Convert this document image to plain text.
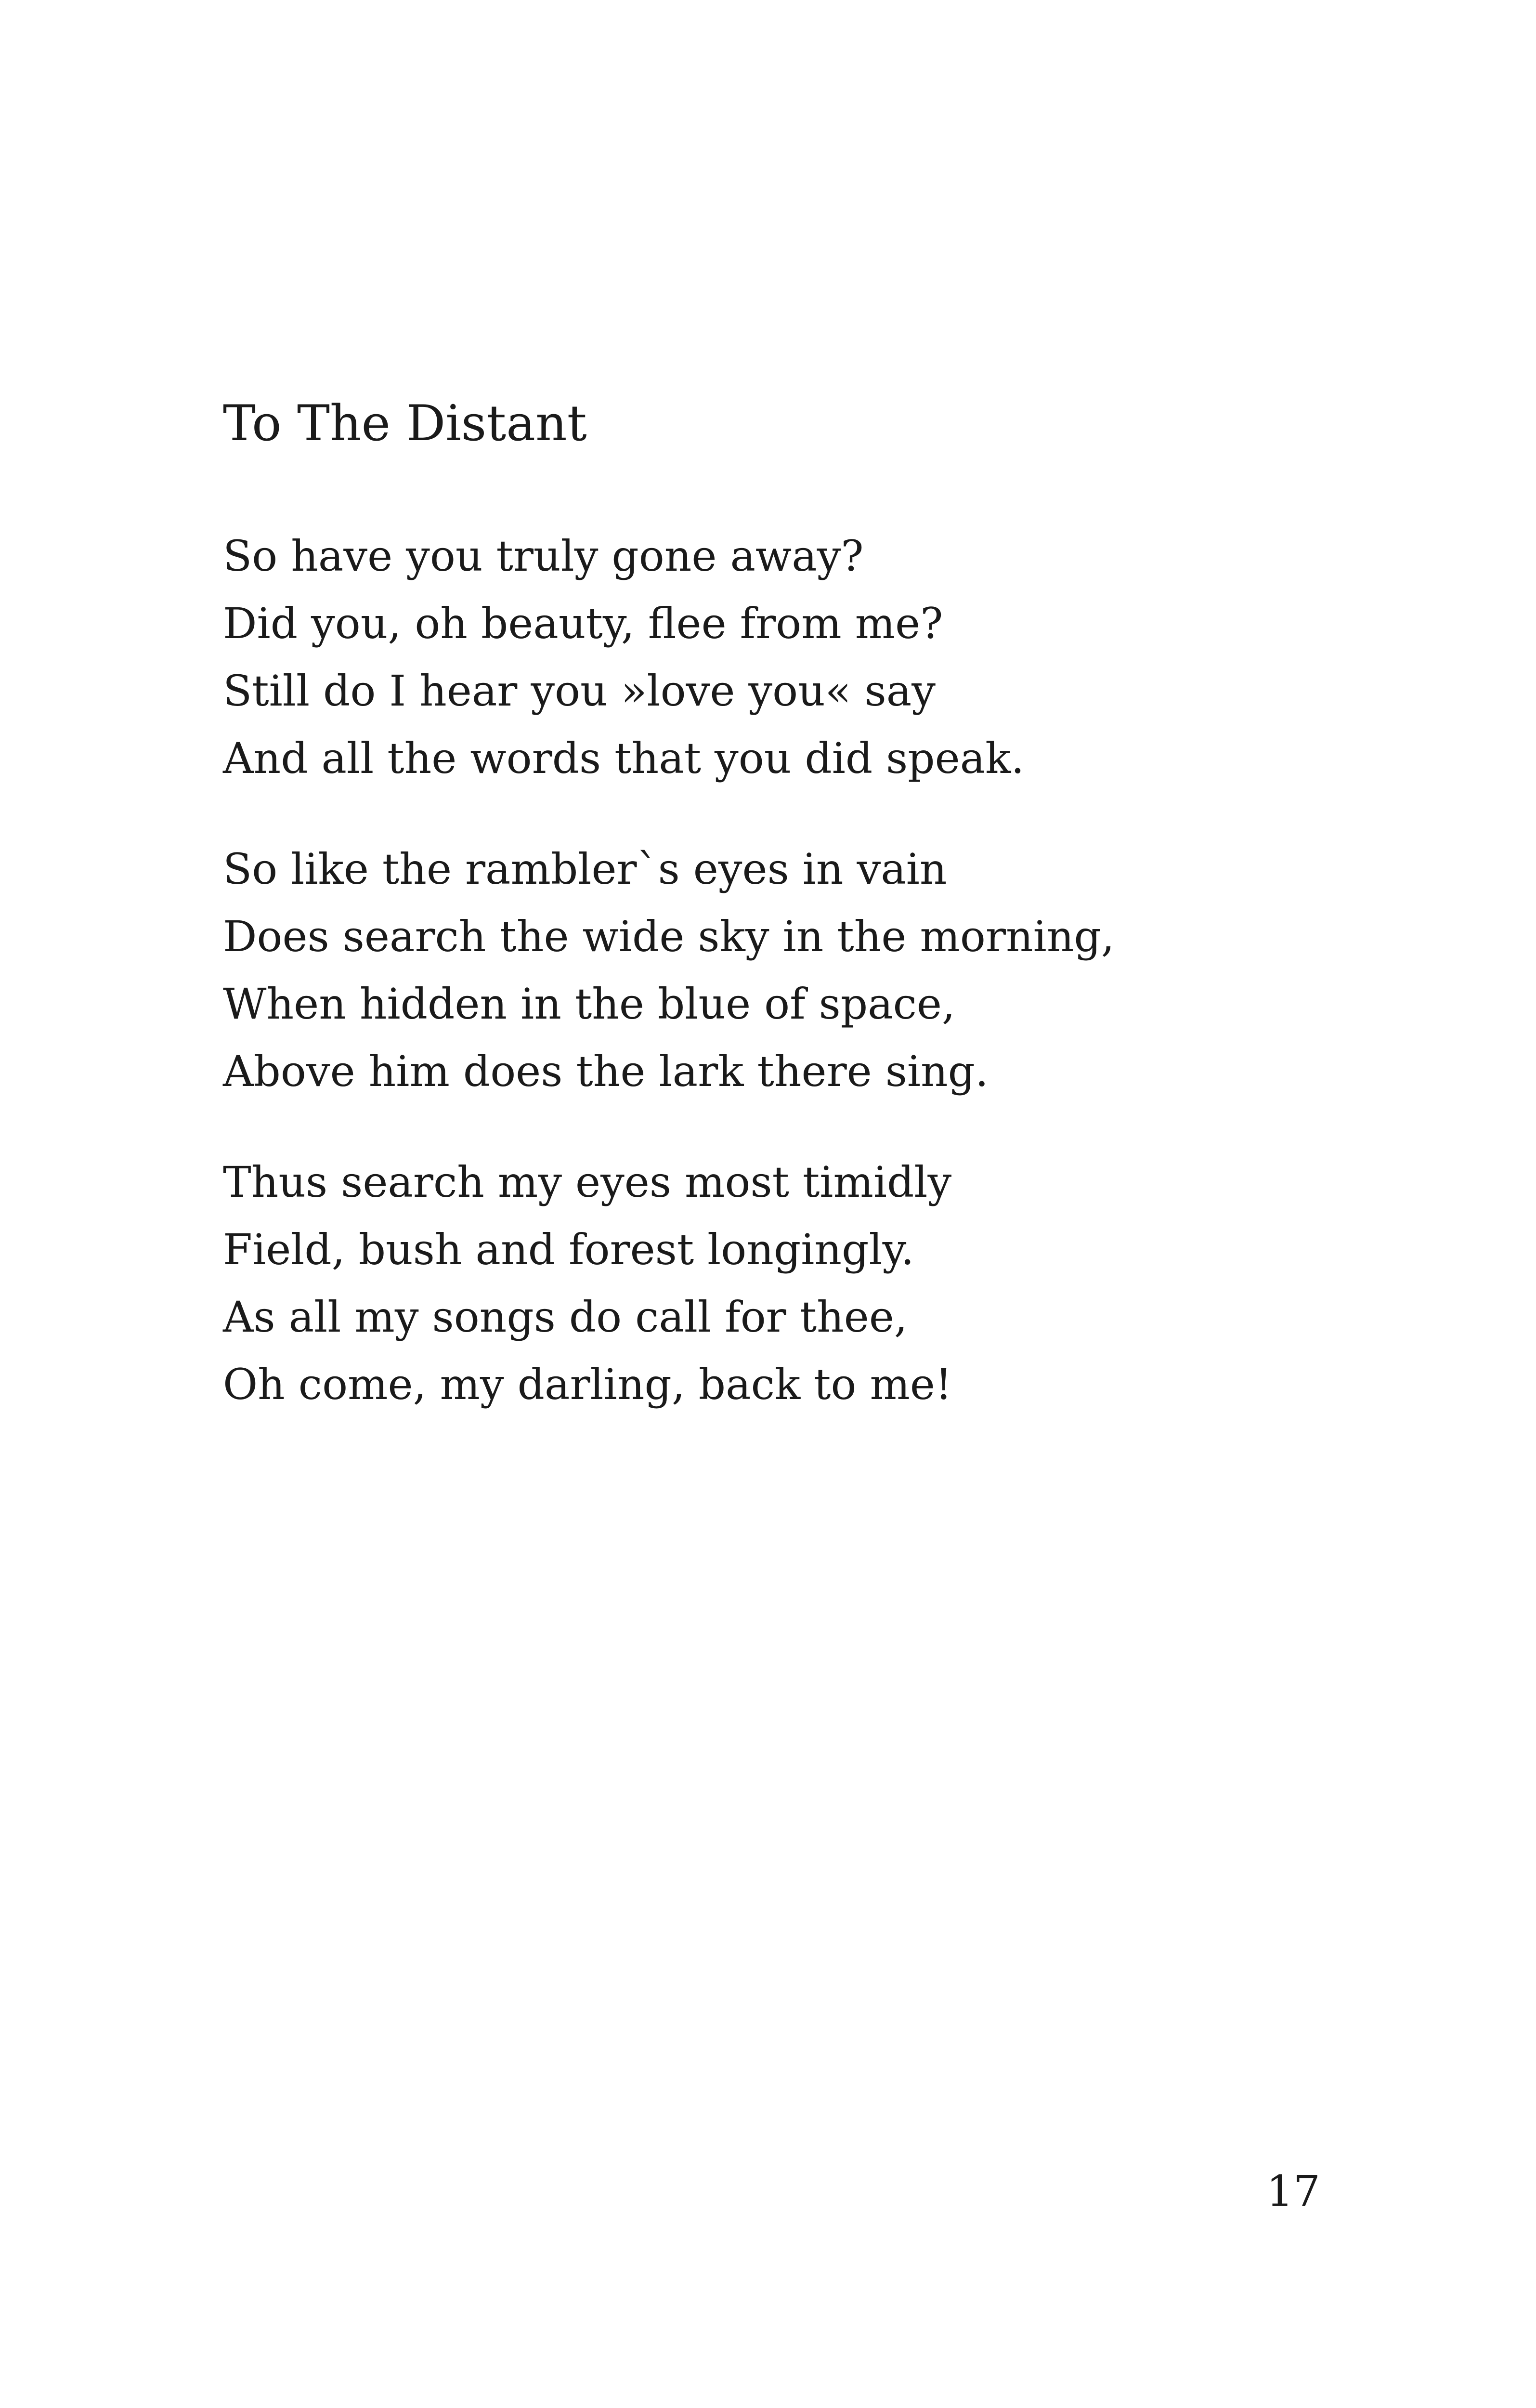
To The Distant
So have you truly gone away?
Did you, oh beauty, flee from me?
Still do I hear you »love you« say
And all the words that you did speak.
So like the rambler`s eyes in vain
Does search the wide sky in the morning,
When hidden in the blue of space,
Above him does the lark there sing.
Thus search my eyes most timidly
Field, bush and forest longingly.
As all my songs do call for thee,
Oh come, my darling, back to me!
17
